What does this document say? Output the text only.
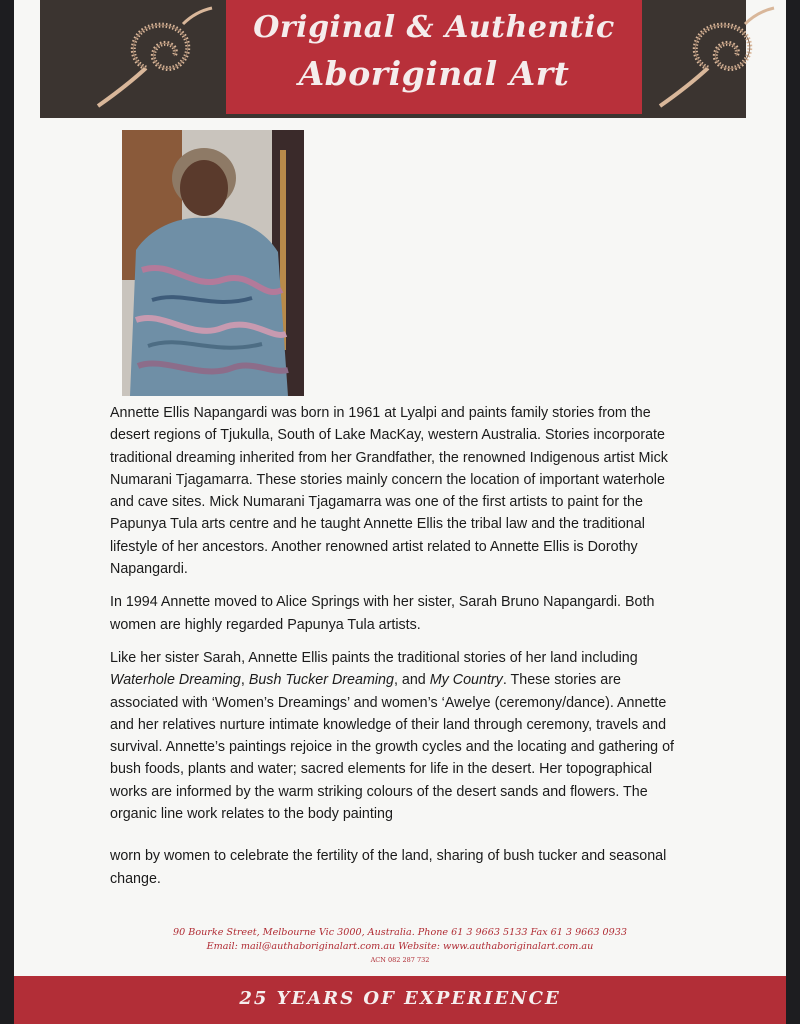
Original & Authentic
Aboriginal Art

Annette Ellis Napangardi was born in 1961 at Lyalpi and paints family stories from the desert regions of Tjukulla, South of Lake MacKay, western Australia. Stories incorporate traditional dreaming inherited from her Grandfather, the renowned Indigenous artist Mick Numarani Tjagamarra. These stories mainly concern the location of important waterhole and cave sites. Mick Numarani Tjagamarra was one of the first artists to paint for the Papunya Tula arts centre and he taught Annette Ellis the tribal law and the traditional lifestyle of her ancestors. Another renowned artist related to Annette Ellis is Dorothy Napangardi.

In 1994 Annette moved to Alice Springs with her sister, Sarah Bruno Napangardi. Both women are highly regarded Papunya Tula artists.

Like her sister Sarah, Annette Ellis paints the traditional stories of her land including Waterhole Dreaming, Bush Tucker Dreaming, and My Country. These stories are associated with ‘Women’s Dreamings’ and women’s ‘Awelye (ceremony/dance). Annette and her relatives nurture intimate knowledge of their land through ceremony, travels and survival. Annette’s paintings rejoice in the growth cycles and the locating and gathering of bush foods, plants and water; sacred elements for life in the desert. Her topographical works are informed by the warm striking colours of the desert sands and flowers. The organic line work relates to the body painting

worn by women to celebrate the fertility of the land, sharing of bush tucker and seasonal change.

90 Bourke Street, Melbourne Vic 3000, Australia. Phone 61 3 9663 5133 Fax 61 3 9663 0933
Email: mail@authaboriginalart.com.au Website: www.authaboriginalart.com.au
ACN 082 287 732
25 YEARS OF EXPERIENCE
